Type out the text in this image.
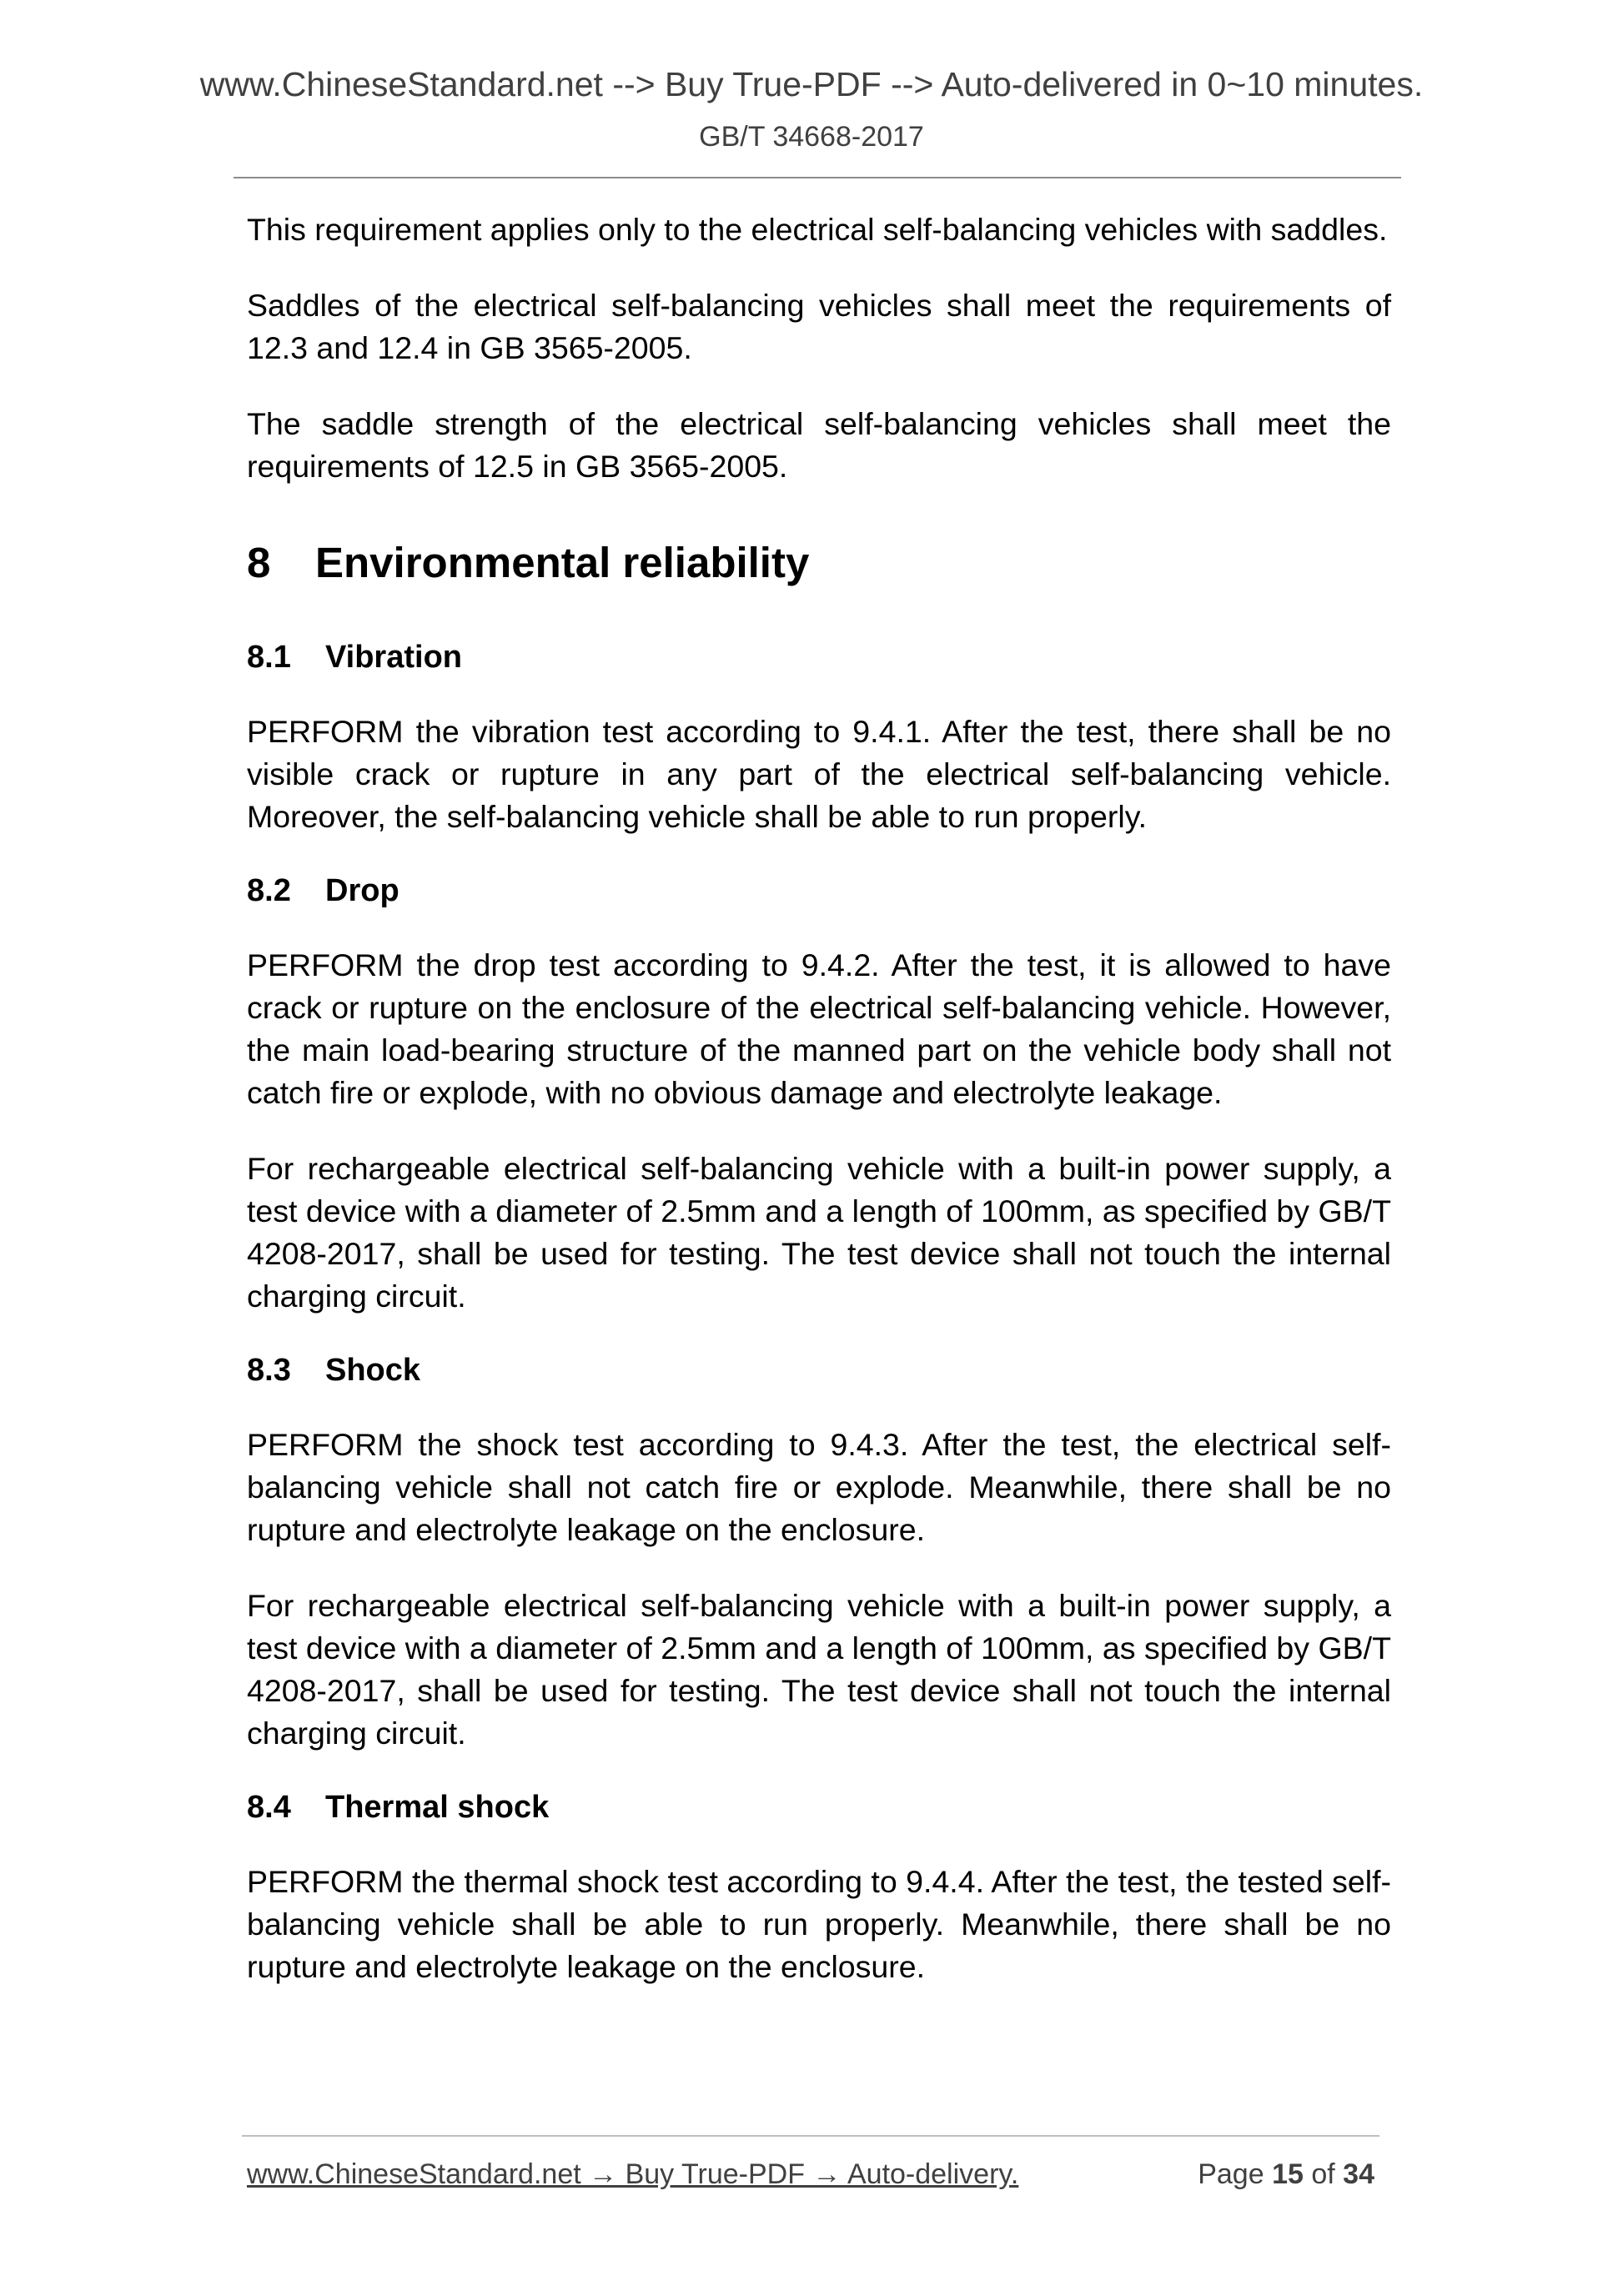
www.ChineseStandard.net --> Buy True-PDF --> Auto-delivered in 0~10 minutes.
GB/T 34668-2017

This requirement applies only to the electrical self-balancing vehicles with saddles.

Saddles of the electrical self-balancing vehicles shall meet the requirements of 12.3 and 12.4 in GB 3565-2005.

The saddle strength of the electrical self-balancing vehicles shall meet the requirements of 12.5 in GB 3565-2005.

8 Environmental reliability
8.1 Vibration

PERFORM the vibration test according to 9.4.1. After the test, there shall be no visible crack or rupture in any part of the electrical self-balancing vehicle. Moreover, the self-balancing vehicle shall be able to run properly.

8.2 Drop

PERFORM the drop test according to 9.4.2. After the test, it is allowed to have crack or rupture on the enclosure of the electrical self-balancing vehicle. However, the main load-bearing structure of the manned part on the vehicle body shall not catch fire or explode, with no obvious damage and electrolyte leakage.

For rechargeable electrical self-balancing vehicle with a built-in power supply, a test device with a diameter of 2.5mm and a length of 100mm, as specified by GB/T 4208-2017, shall be used for testing. The test device shall not touch the internal charging circuit.

8.3 Shock

PERFORM the shock test according to 9.4.3. After the test, the electrical self-balancing vehicle shall not catch fire or explode. Meanwhile, there shall be no rupture and electrolyte leakage on the enclosure.

For rechargeable electrical self-balancing vehicle with a built-in power supply, a test device with a diameter of 2.5mm and a length of 100mm, as specified by GB/T 4208-2017, shall be used for testing. The test device shall not touch the internal charging circuit.

8.4 Thermal shock

PERFORM the thermal shock test according to 9.4.4. After the test, the tested self-balancing vehicle shall be able to run properly. Meanwhile, there shall be no rupture and electrolyte leakage on the enclosure.

www.ChineseStandard.net → Buy True-PDF → Auto-delivery.	Page 15 of 34
